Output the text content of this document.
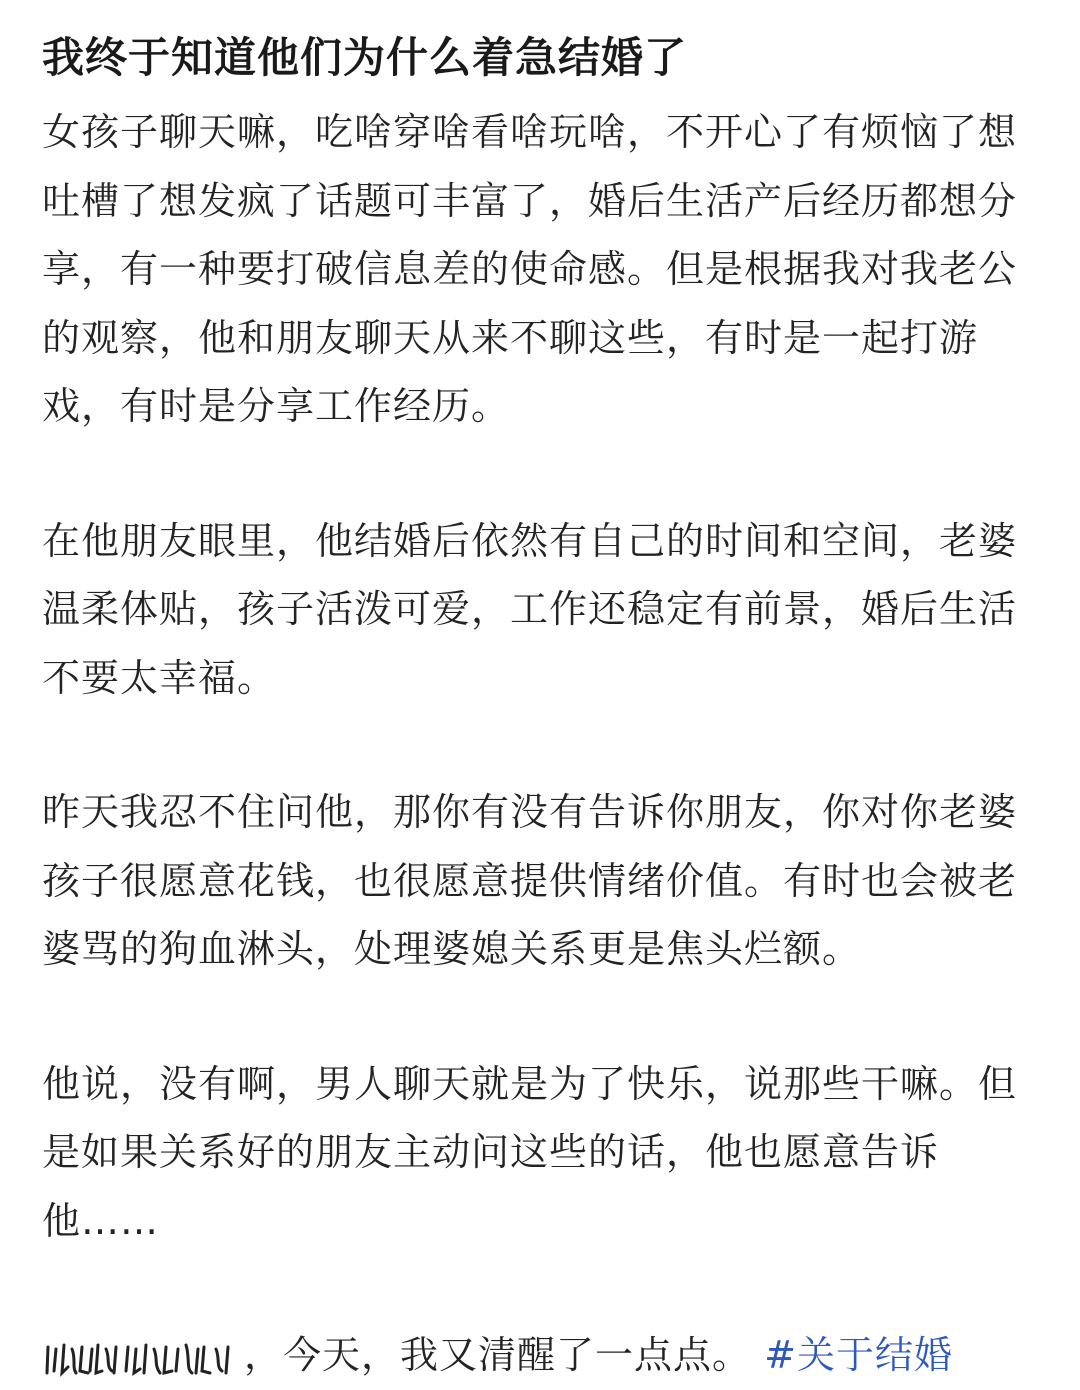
我终于知道他们为什么着急结婚了

女孩子聊天嘛，吃啥穿啥看啥玩啥，不开心了有烦恼了想吐槽了想发疯了话题可丰富了，婚后生活产后经历都想分享，有一种要打破信息差的使命感。但是根据我对我老公的观察，他和朋友聊天从来不聊这些，有时是一起打游戏，有时是分享工作经历。

在他朋友眼里，他结婚后依然有自己的时间和空间，老婆温柔体贴，孩子活泼可爱，工作还稳定有前景，婚后生活不要太幸福。

昨天我忍不住问他，那你有没有告诉你朋友，你对你老婆孩子很愿意花钱，也很愿意提供情绪价值。有时也会被老婆骂的狗血淋头，处理婆媳关系更是焦头烂额。

他说，没有啊，男人聊天就是为了快乐，说那些干嘛。但是如果关系好的朋友主动问这些的话，他也愿意告诉他……

，今天，我又清醒了一点点。 #关于结婚
